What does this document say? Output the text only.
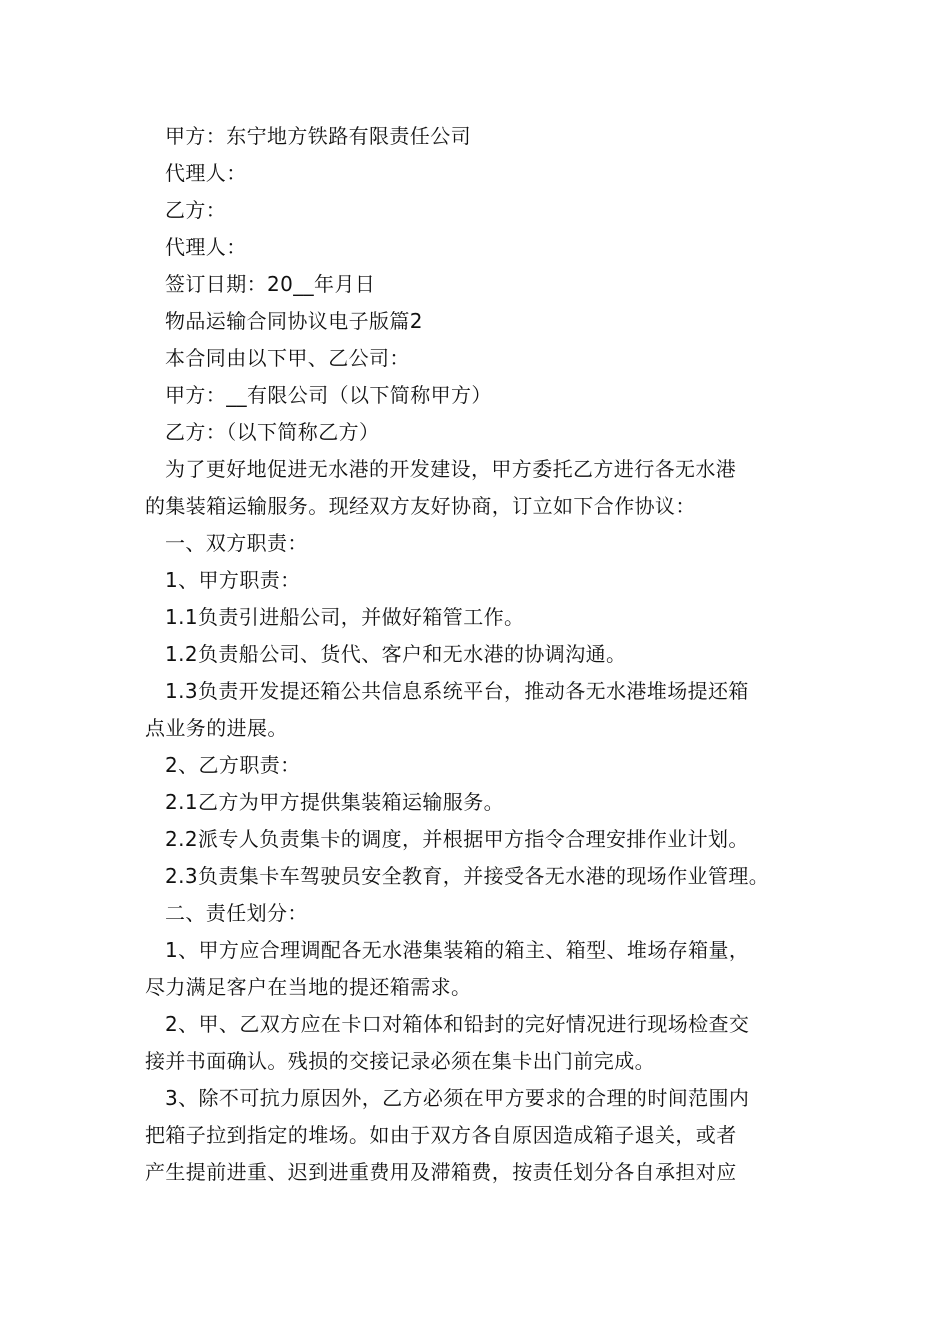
甲方：东宁地方铁路有限责任公司
代理人：
乙方：
代理人：
签订日期：20__年月日
物品运输合同协议电子版篇2
本合同由以下甲、乙公司：
甲方：__有限公司（以下简称甲方）
乙方：（以下简称乙方）
为了更好地促进无水港的开发建设，甲方委托乙方进行各无水港
的集装箱运输服务。现经双方友好协商，订立如下合作协议：
一、双方职责：
1、甲方职责：
1.1负责引进船公司，并做好箱管工作。
1.2负责船公司、货代、客户和无水港的协调沟通。
1.3负责开发提还箱公共信息系统平台，推动各无水港堆场提还箱
点业务的进展。
2、乙方职责：
2.1乙方为甲方提供集装箱运输服务。
2.2派专人负责集卡的调度，并根据甲方指令合理安排作业计划。
2.3负责集卡车驾驶员安全教育，并接受各无水港的现场作业管理。
二、责任划分：
1、甲方应合理调配各无水港集装箱的箱主、箱型、堆场存箱量，
尽力满足客户在当地的提还箱需求。
2、甲、乙双方应在卡口对箱体和铅封的完好情况进行现场检查交
接并书面确认。残损的交接记录必须在集卡出门前完成。
3、除不可抗力原因外，乙方必须在甲方要求的合理的时间范围内
把箱子拉到指定的堆场。如由于双方各自原因造成箱子退关，或者
产生提前进重、迟到进重费用及滞箱费，按责任划分各自承担对应
